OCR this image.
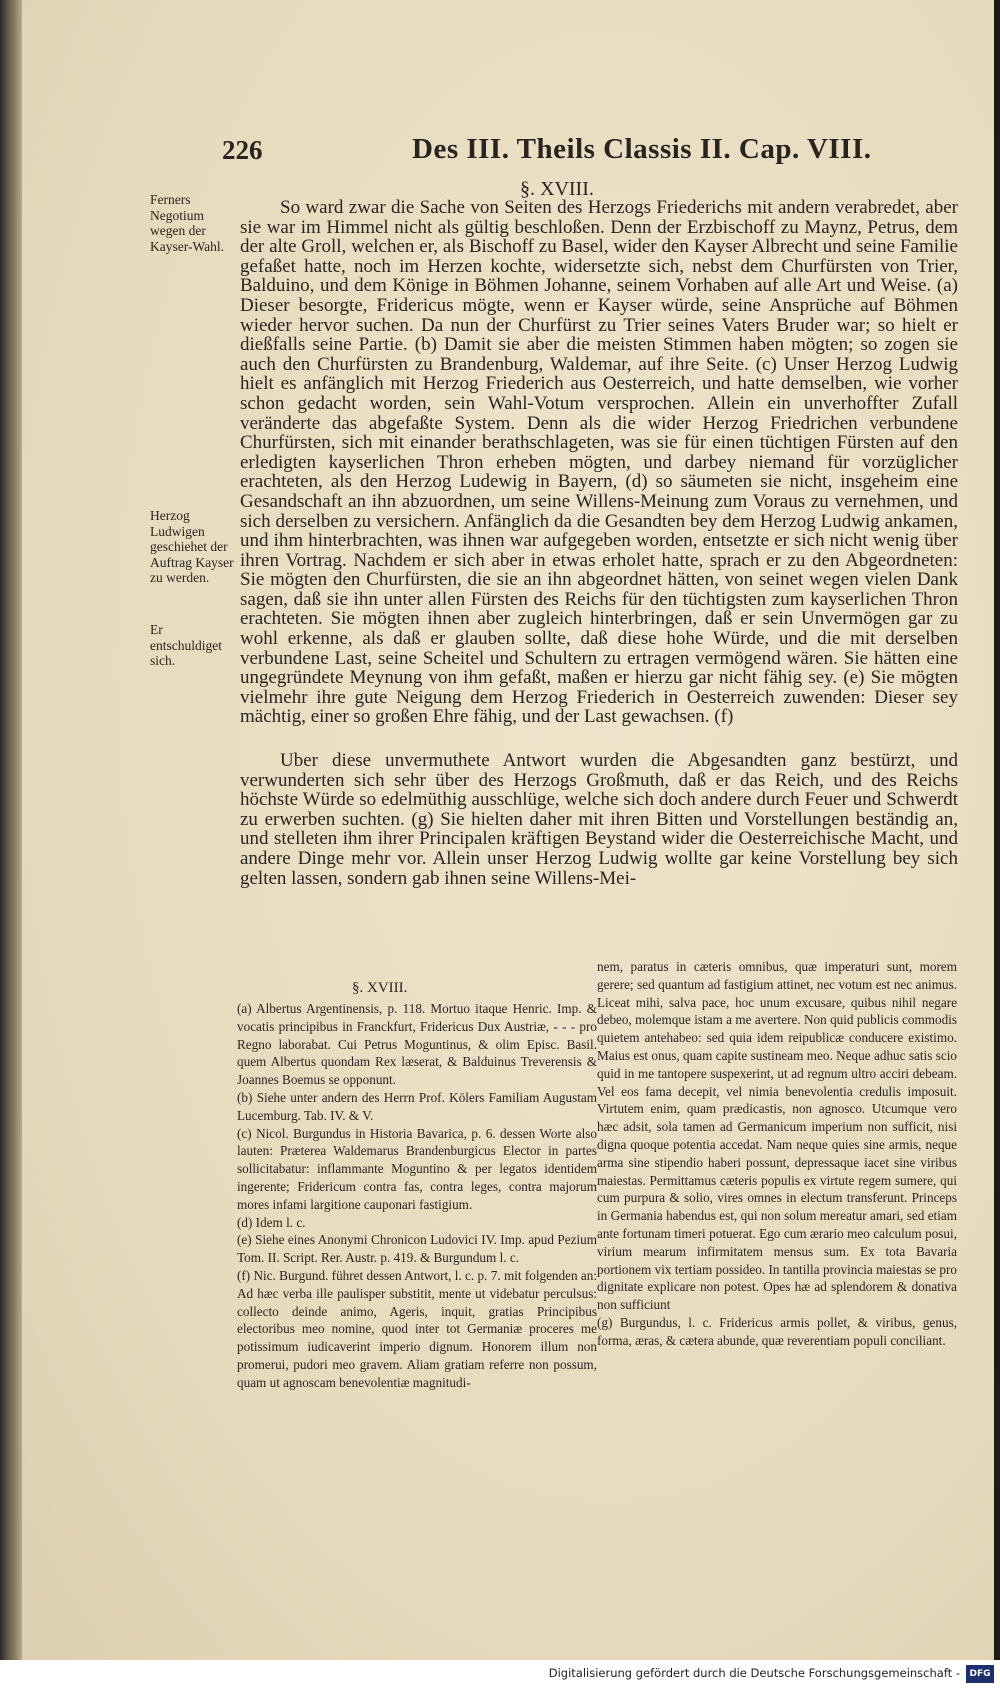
226	Des III. Theils Classis II. Cap. VIII.
§. XVIII.
Ferners Negotium wegen der Kayser-Wahl.
Herzog Ludwigen geschiehet der Auftrag Kayser zu werden.
Er entschuldiget sich.

So ward zwar die Sache von Seiten des Herzogs Friederichs mit andern verabredet, aber sie war im Himmel nicht als gültig beschloßen. Denn der Erzbischoff zu Maynz, Petrus, dem der alte Groll, welchen er, als Bischoff zu Basel, wider den Kayser Albrecht und seine Familie gefaßet hatte, noch im Herzen kochte, widersetzte sich, nebst dem Churfürsten von Trier, Balduino, und dem Könige in Böhmen Johanne, seinem Vorhaben auf alle Art und Weise. (a) Dieser besorgte, Fridericus mögte, wenn er Kayser würde, seine Ansprüche auf Böhmen wieder hervor suchen. Da nun der Churfürst zu Trier seines Vaters Bruder war; so hielt er dießfalls seine Partie. (b) Damit sie aber die meisten Stimmen haben mögten; so zogen sie auch den Churfürsten zu Brandenburg, Waldemar, auf ihre Seite. (c) Unser Herzog Ludwig hielt es anfänglich mit Herzog Friederich aus Oesterreich, und hatte demselben, wie vorher schon gedacht worden, sein Wahl-Votum versprochen. Allein ein unverhoffter Zufall veränderte das abgefaßte System. Denn als die wider Herzog Friedrichen verbundene Churfürsten, sich mit einander berathschlageten, was sie für einen tüchtigen Fürsten auf den erledigten kayserlichen Thron erheben mögten, und darbey niemand für vorzüglicher erachteten, als den Herzog Ludewig in Bayern, (d) so säumeten sie nicht, insgeheim eine Gesandschaft an ihn abzuordnen, um seine Willens-Meinung zum Voraus zu vernehmen, und sich derselben zu versichern. Anfänglich da die Gesandten bey dem Herzog Ludwig ankamen, und ihm hinterbrachten, was ihnen war aufgegeben worden, entsetzte er sich nicht wenig über ihren Vortrag. Nachdem er sich aber in etwas erholet hatte, sprach er zu den Abgeordneten: Sie mögten den Churfürsten, die sie an ihn abgeordnet hätten, von seinet wegen vielen Dank sagen, daß sie ihn unter allen Fürsten des Reichs für den tüchtigsten zum kayserlichen Thron erachteten. Sie mögten ihnen aber zugleich hinterbringen, daß er sein Unvermögen gar zu wohl erkenne, als daß er glauben sollte, daß diese hohe Würde, und die mit derselben verbundene Last, seine Scheitel und Schultern zu ertragen vermögend wären. Sie hätten eine ungegründete Meynung von ihm gefaßt, maßen er hierzu gar nicht fähig sey. (e) Sie mögten vielmehr ihre gute Neigung dem Herzog Friederich in Oesterreich zuwenden: Dieser sey mächtig, einer so großen Ehre fähig, und der Last gewachsen. (f)

Uber diese unvermuthete Antwort wurden die Abgesandten ganz bestürzt, und verwunderten sich sehr über des Herzogs Großmuth, daß er das Reich, und des Reichs höchste Würde so edelmüthig ausschlüge, welche sich doch andere durch Feuer und Schwerdt zu erwerben suchten. (g) Sie hielten daher mit ihren Bitten und Vorstellungen beständig an, und stelleten ihm ihrer Principalen kräftigen Beystand wider die Oesterreichische Macht, und andere Dinge mehr vor. Allein unser Herzog Ludwig wollte gar keine Vorstellung bey sich gelten lassen, sondern gab ihnen seine Willens-Mei-

§. XVIII.

(a) Albertus Argentinensis, p. 118. Mortuo itaque Henric. Imp. & vocatis principibus in Franckfurt, Fridericus Dux Austriæ, - - - pro Regno laborabat. Cui Petrus Moguntinus, & olim Episc. Basil. quem Albertus quondam Rex læserat, & Balduinus Treverensis & Joannes Boemus se opponunt.

(b) Siehe unter andern des Herrn Prof. Kölers Familiam Augustam Lucemburg. Tab. IV. & V.

(c) Nicol. Burgundus in Historia Bavarica, p. 6. dessen Worte also lauten: Præterea Waldemarus Brandenburgicus Elector in partes sollicitabatur: inflammante Moguntino & per legatos identidem ingerente; Fridericum contra fas, contra leges, contra majorum mores infami largitione cauponari fastigium.

(d) Idem l. c.

(e) Siehe eines Anonymi Chronicon Ludovici IV. Imp. apud Pezium Tom. II. Script. Rer. Austr. p. 419. & Burgundum l. c.

(f) Nic. Burgund. führet dessen Antwort, l. c. p. 7. mit folgenden an: Ad hæc verba ille paulisper substitit, mente ut videbatur perculsus: collecto deinde animo, Ageris, inquit, gratias Principibus electoribus meo nomine, quod inter tot Germaniæ proceres me potissimum iudicaverint imperio dignum. Honorem illum non promerui, pudori meo gravem. Aliam gratiam referre non possum, quam ut agnoscam benevolentiæ magnitudi-

nem, paratus in cæteris omnibus, quæ imperaturi sunt, morem gerere; sed quantum ad fastigium attinet, nec votum est nec animus. Liceat mihi, salva pace, hoc unum excusare, quibus nihil negare debeo, molemque istam a me avertere. Non quid publicis commodis quietem antehabeo: sed quia idem reipublicæ conducere existimo. Maius est onus, quam capite sustineam meo. Neque adhuc satis scio quid in me tantopere suspexerint, ut ad regnum ultro acciri debeam. Vel eos fama decepit, vel nimia benevolentia credulis imposuit. Virtutem enim, quam prædicastis, non agnosco. Utcumque vero hæc adsit, sola tamen ad Germanicum imperium non sufficit, nisi digna quoque potentia accedat. Nam neque quies sine armis, neque arma sine stipendio haberi possunt, depressaque iacet sine viribus maiestas. Permittamus cæteris populis ex virtute regem sumere, qui cum purpura & solio, vires omnes in electum transferunt. Princeps in Germania habendus est, qui non solum mereatur amari, sed etiam ante fortunam timeri potuerat. Ego cum ærario meo calculum posui, virium mearum infirmitatem mensus sum. Ex tota Bavaria portionem vix tertiam possideo. In tantilla provincia maiestas se pro dignitate explicare non potest. Opes hæ ad splendorem & donativa non sufficiunt

(g) Burgundus, l. c. Fridericus armis pollet, & viribus, genus, forma, æras, & cætera abunde, quæ reverentiam populi conciliant.

Digitalisierung gefördert durch die Deutsche Forschungsgemeinschaft -	DFG
